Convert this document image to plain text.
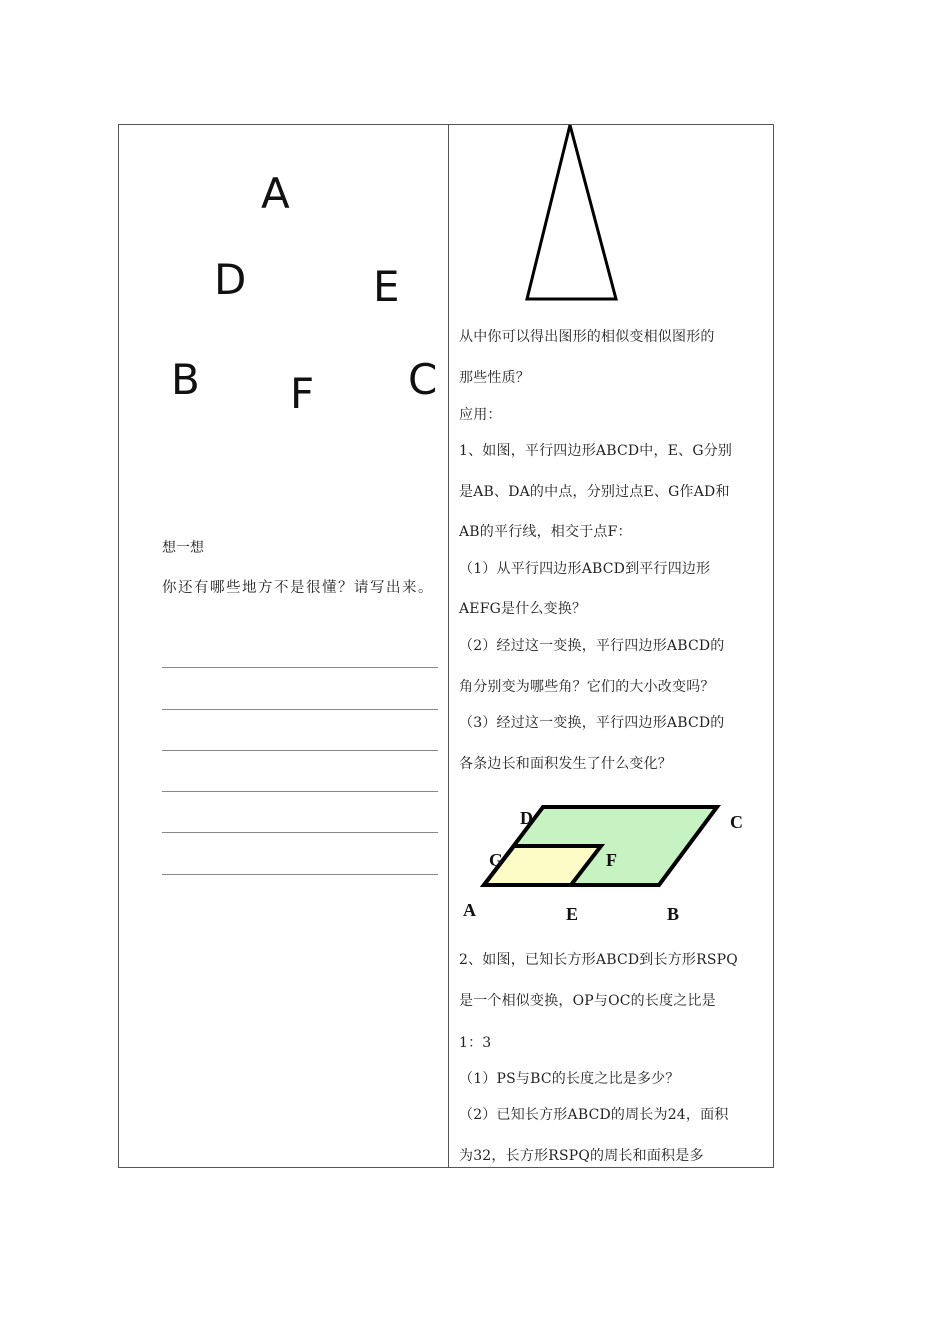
A
D	E
B F C
想一想
你还有哪些地方不是很懂？请写出来。
从中你可以得出图形的相似变相似图形的
那些性质？
应用：
1、如图，平行四边形ABCD中，E、G分别
是AB、DA的中点，分别过点E、G作AD和
AB的平行线，相交于点F：
（1）从平行四边形ABCD到平行四边形
AEFG是什么变换？
（2）经过这一变换，平行四边形ABCD的
角分别变为哪些角？它们的大小改变吗？
（3）经过这一变换，平行四边形ABCD的
各条边长和面积发生了什么变化？
D	C
G	F
A	E	B
2、如图，已知长方形ABCD到长方形RSPQ
是一个相似变换，OP与OC的长度之比是
1：3
（1）PS与BC的长度之比是多少？
（2）已知长方形ABCD的周长为24，面积
为32，长方形RSPQ的周长和面积是多
